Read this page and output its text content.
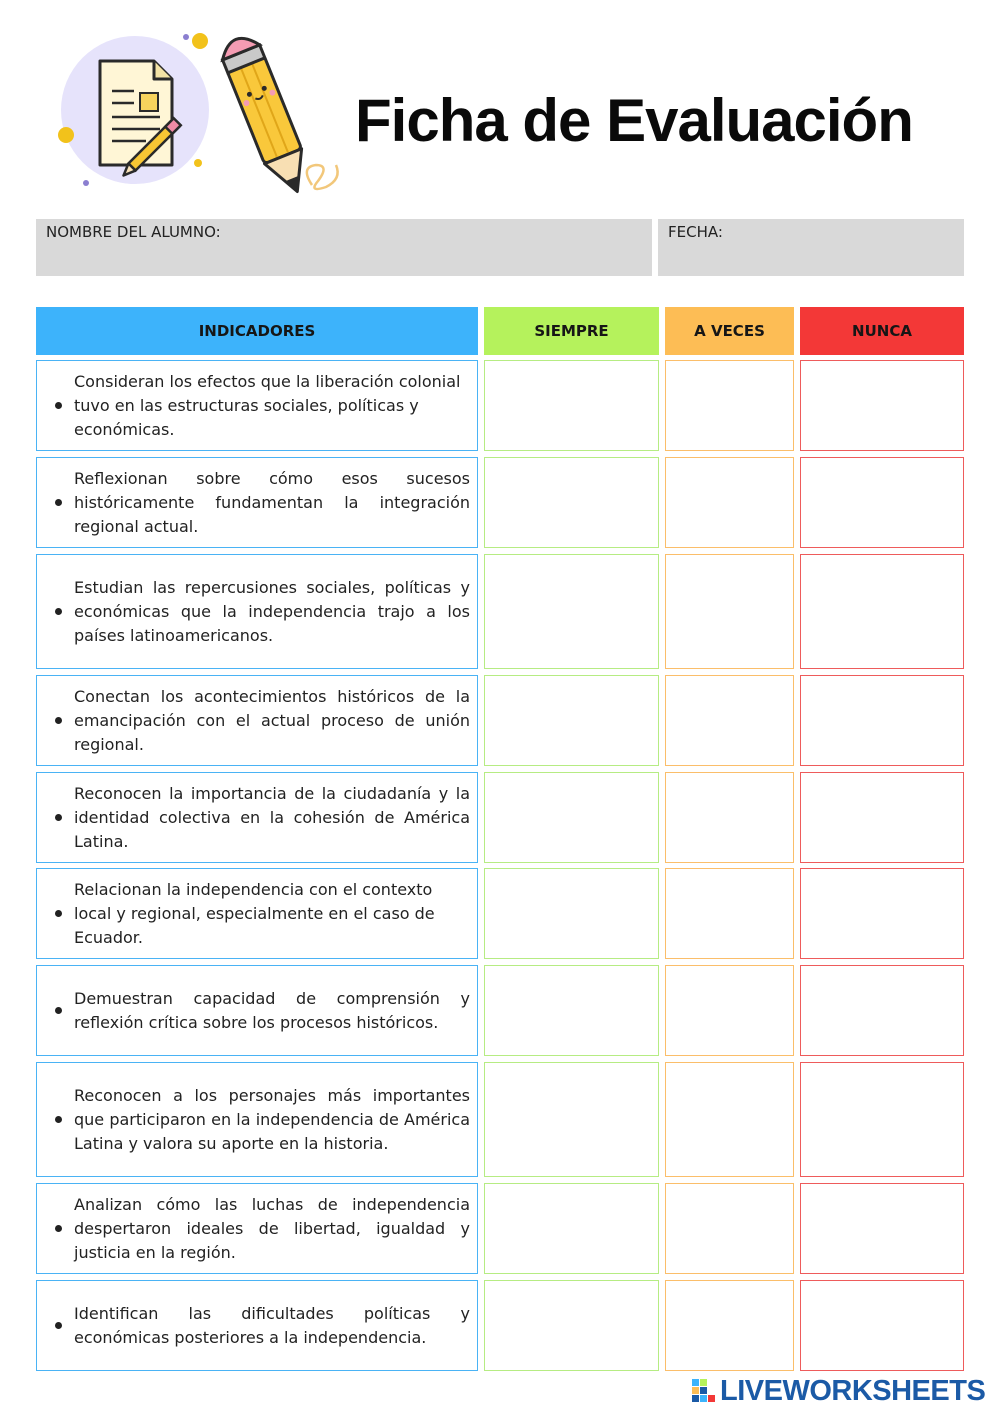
Ficha de Evaluación
NOMBRE DEL ALUMNO:	FECHA:
INDICADORES	SIEMPRE	A VECES	NUNCA
Consideran los efectos que la liberación colonial tuvo en las estructuras sociales, políticas y económicas.
Reflexionan sobre cómo esos sucesos históricamente fundamentan la integración regional actual.
Estudian las repercusiones sociales, políticas y económicas que la independencia trajo a los países latinoamericanos.
Conectan los acontecimientos históricos de la emancipación con el actual proceso de unión regional.
Reconocen la importancia de la ciudadanía y la identidad colectiva en la cohesión de América Latina.
Relacionan la independencia con el contexto local y regional, especialmente en el caso de Ecuador.
Demuestran capacidad de comprensión y reflexión crítica sobre los procesos históricos.
Reconocen a los personajes más importantes que participaron en la independencia de América Latina y valora su aporte en la historia.
Analizan cómo las luchas de independencia despertaron ideales de libertad, igualdad y justicia en la región.
Identifican las dificultades políticas y económicas posteriores a la independencia.
LIVEWORKSHEETS
